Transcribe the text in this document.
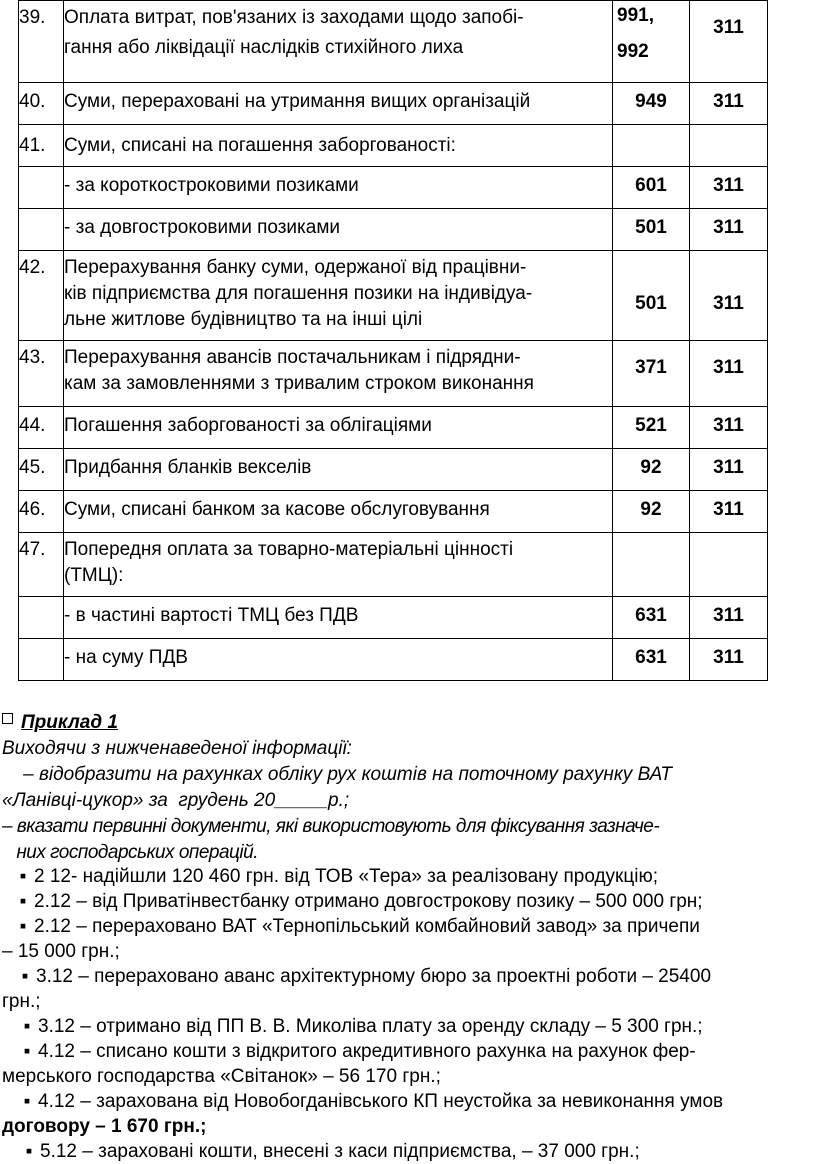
39.	Оплата витрат, пов'язаних із заходами щодо запобі-
гання або ліквідації наслідків стихійного лиха	991,
992	311
40.	Суми, перераховані на утримання вищих організацій	949	311
41.	Суми, списані на погашення заборгованості:		

	- за короткостроковими позиками	601	311

	- за довгостроковими позиками	501	311
42.	Перерахування банку суми, одержаної від працівни-
ків підприємства для погашення позики на індивідуа-
льне житлове будівництво та на інші цілі	501	311
43.	Перерахування авансів постачальникам і підрядни-
кам за замовленнями з тривалим строком виконання	371	311
44.	Погашення заборгованості за облігаціями	521	311
45.	Придбання бланків векселів	92	311
46.	Суми, списані банком за касове обслуговування	92	311
47.	Попередня оплата за товарно-матеріальні цінності
(ТМЦ):		

	- в частині вартості ТМЦ без ПДВ	631	311

	- на суму ПДВ	631	311
Приклад 1
Виходячи з нижченаведеної інформації:
– відобразити на рахунках обліку рух коштів на поточному рахунку ВАТ
«Ланівці-цукор» за  грудень 20_____р.;
– вказати первинні документи, які використовують для фіксування зазначе-
них господарських операцій.
▪ 2 12- надійшли 120 460 грн. від ТОВ «Тера» за реалізовану продукцію;
▪ 2.12 – від Приватінвестбанку отримано довгострокову позику – 500 000 грн;
▪ 2.12 – перераховано ВАТ «Тернопільський комбайновий завод» за причепи
– 15 000 грн.;
▪ 3.12 – перераховано аванс архітектурному бюро за проектні роботи – 25400
грн.;
▪ 3.12 – отримано від ПП В. В. Миколіва плату за оренду складу – 5 300 грн.;
▪ 4.12 – списано кошти з відкритого акредитивного рахунка на рахунок фер-
мерського господарства «Світанок» – 56 170 грн.;
▪ 4.12 – зарахована від Новобогданівського КП неустойка за невиконання умов
договору – 1 670 грн.;
▪ 5.12 – зараховані кошти, внесені з каси підприємства, – 37 000 грн.;
